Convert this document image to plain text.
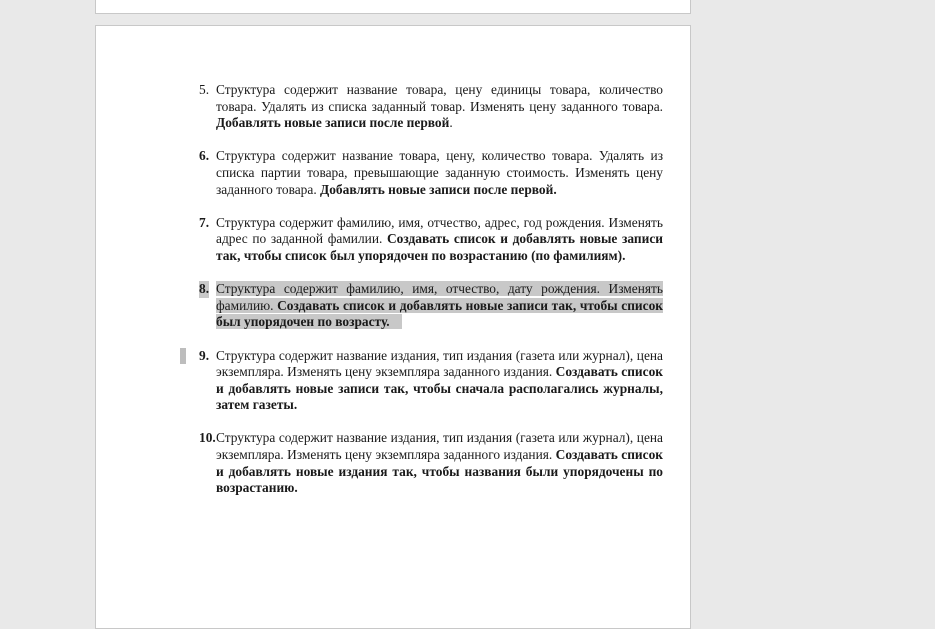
5. Структура содержит название товара, цену единицы товара, количество товара. Удалять из списка заданный товар. Изменять цену заданного товара. Добавлять новые записи после первой.
6. Структура содержит название товара, цену, количество товара. Удалять из списка партии товара, превышающие заданную стоимость. Изменять цену заданного товара. Добавлять новые записи после первой.
7. Структура содержит фамилию, имя, отчество, адрес, год рождения. Изменять адрес по заданной фамилии. Создавать список и добавлять новые записи так, чтобы список был упорядочен по возрастанию (по фамилиям).
8. Структура содержит фамилию, имя, отчество, дату рождения. Изменять фамилию. Создавать список и добавлять новые записи так, чтобы список был упорядочен по возрасту.
9. Структура содержит название издания, тип издания (газета или журнал), цена экземпляра. Изменять цену экземпляра заданного издания. Создавать список и добавлять новые записи так, чтобы сначала располагались журналы, затем газеты.
10. Структура содержит название издания, тип издания (газета или журнал), цена экземпляра. Изменять цену экземпляра заданного издания. Создавать список и добавлять новые издания так, чтобы названия были упорядочены по возрастанию.
